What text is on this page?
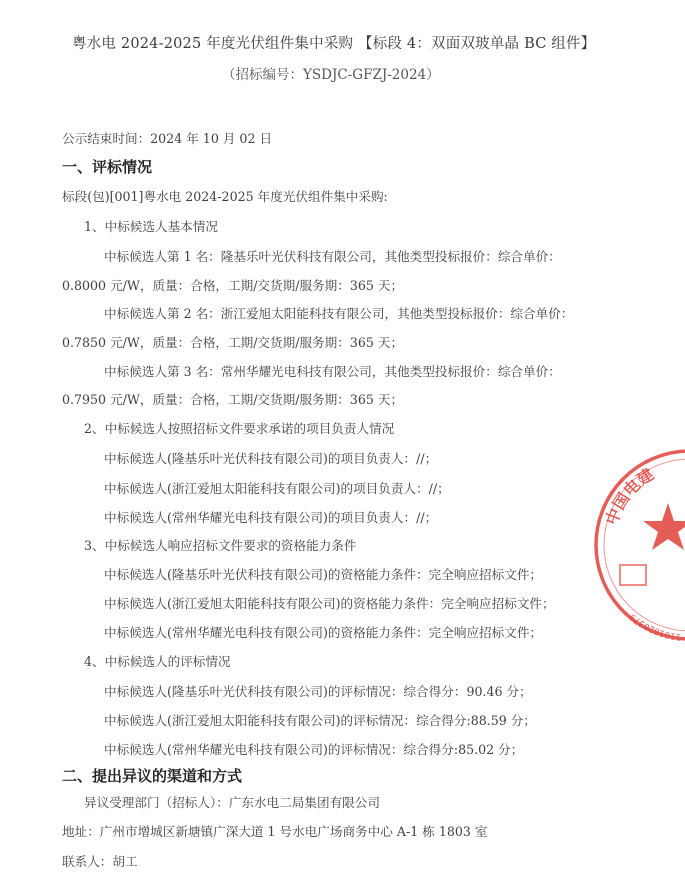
粤水电 2024-2025 年度光伏组件集中采购 【标段 4：双面双玻单晶 BC 组件】
（招标编号：YSDJC-GFZJ-2024）
公示结束时间：2024 年 10 月 02 日
一、评标情况
标段(包)[001]粤水电 2024-2025 年度光伏组件集中采购:
1、中标候选人基本情况
中标候选人第 1 名：隆基乐叶光伏科技有限公司，其他类型投标报价：综合单价：
0.8000 元/W，质量：合格，工期/交货期/服务期：365 天；
中标候选人第 2 名：浙江爱旭太阳能科技有限公司，其他类型投标报价：综合单价：
0.7850 元/W，质量：合格，工期/交货期/服务期：365 天；
中标候选人第 3 名：常州华耀光电科技有限公司，其他类型投标报价：综合单价：
0.7950 元/W，质量：合格，工期/交货期/服务期：365 天；
2、中标候选人按照招标文件要求承诺的项目负责人情况
中标候选人(隆基乐叶光伏科技有限公司)的项目负责人：//；
中标候选人(浙江爱旭太阳能科技有限公司)的项目负责人：//；
中标候选人(常州华耀光电科技有限公司)的项目负责人：//；
3、中标候选人响应招标文件要求的资格能力条件
中标候选人(隆基乐叶光伏科技有限公司)的资格能力条件：完全响应招标文件；
中标候选人(浙江爱旭太阳能科技有限公司)的资格能力条件：完全响应招标文件；
中标候选人(常州华耀光电科技有限公司)的资格能力条件：完全响应招标文件；
4、中标候选人的评标情况
中标候选人(隆基乐叶光伏科技有限公司)的评标情况：综合得分：90.46 分；
中标候选人(浙江爱旭太阳能科技有限公司)的评标情况：综合得分:88.59 分；
中标候选人(常州华耀光电科技有限公司)的评标情况：综合得分:85.02 分；
二、提出异议的渠道和方式
异议受理部门（招标人）：广东水电二局集团有限公司
地址：广州市增城区新塘镇广深大道 1 号水电广场商务中心 A-1 栋 1803 室
联系人：胡工
中国电建
1101020379
